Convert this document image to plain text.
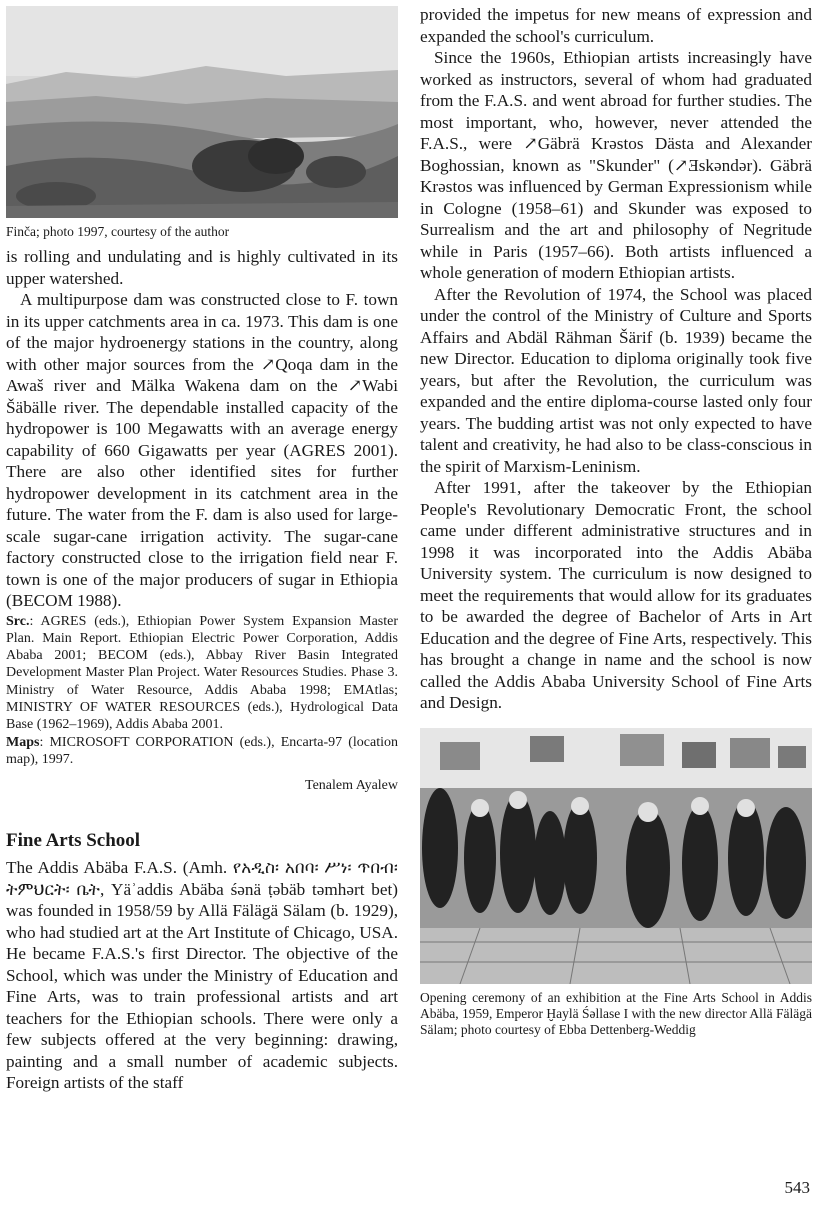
Finča; photo 1997, courtesy of the author

is rolling and undulating and is highly cultivated in its upper watershed.

A multipurpose dam was constructed close to F. town in its upper catchments area in ca. 1973. This dam is one of the major hydroenergy stations in the country, along with other major sources from the ↗Qoqa dam in the Awaš river and Mälka Wakena dam on the ↗Wabi Šäbälle river. The dependable installed capacity of the hydropower is 100 Megawatts with an average energy capability of 660 Gigawatts per year (AGRES 2001). There are also other identified sites for further hydropower development in its catchment area in the future. The water from the F. dam is also used for large-scale sugar-cane irrigation activity. The sugar-cane factory constructed close to the irrigation field near F. town is one of the major producers of sugar in Ethiopia (BECOM 1988).

Src.: AGRES (eds.), Ethiopian Power System Expansion Master Plan. Main Report. Ethiopian Electric Power Corporation, Addis Ababa 2001; BECOM (eds.), Abbay River Basin Integrated Development Master Plan Project. Water Resources Studies. Phase 3. Ministry of Water Resource, Addis Ababa 1998; EMAtlas; MINISTRY OF WATER RESOURCES (eds.), Hydrological Data Base (1962–1969), Addis Ababa 2001.

Maps: MICROSOFT CORPORATION (eds.), Encarta-97 (location map), 1997.

Tenalem Ayalew
Fine Arts School

The Addis Abäba F.A.S. (Amh. የአዲስ፡ አበባ፡ ሥነ፡ ጥበብ፡ ትምህርት፡ ቤት, Yäʾaddis Abäba śənä ṭəbäb təmhərt bet) was founded in 1958/59 by Allä Fälägä Sälam (b. 1929), who had studied art at the Art Institute of Chicago, USA. He became F.A.S.'s first Director. The objective of the School, which was under the Ministry of Education and Fine Arts, was to train professional artists and art teachers for the Ethiopian schools. There were only a few subjects offered at the very beginning: drawing, painting and a small number of academic subjects. Foreign artists of the staff

provided the impetus for new means of expression and expanded the school's curriculum.

Since the 1960s, Ethiopian artists increasingly have worked as instructors, several of whom had graduated from the F.A.S. and went abroad for further studies. The most important, who, however, never attended the F.A.S., were ↗Gäbrä Krəstos Dästa and Alexander Boghossian, known as "Skunder" (↗Ǝskəndər). Gäbrä Krəstos was influenced by German Expressionism while in Cologne (1958–61) and Skunder was exposed to Surrealism and the art and philosophy of Negritude while in Paris (1957–66). Both artists influenced a whole generation of modern Ethiopian artists.

After the Revolution of 1974, the School was placed under the control of the Ministry of Culture and Sports Affairs and Abdäl Rähman Šärif (b. 1939) became the new Director. Education to diploma originally took five years, but after the Revolution, the curriculum was expanded and the entire diploma-course lasted only four years. The budding artist was not only expected to have talent and creativity, he had also to be class-conscious in the spirit of Marxism-Leninism.

After 1991, after the takeover by the Ethiopian People's Revolutionary Democratic Front, the school came under different administrative structures and in 1998 it was incorporated into the Addis Abäba University system. The curriculum is now designed to meet the requirements that would allow for its graduates to be awarded the degree of Bachelor of Arts in Art Education and the degree of Fine Arts, respectively. This has brought a change in name and the school is now called the Addis Ababa University School of Fine Arts and Design.

Opening ceremony of an exhibition at the Fine Arts School in Addis Abäba, 1959, Emperor Ḫaylä Śəllase I with the new director Allä Fälägä Sälam; photo courtesy of Ebba Dettenberg-Weddig
543
